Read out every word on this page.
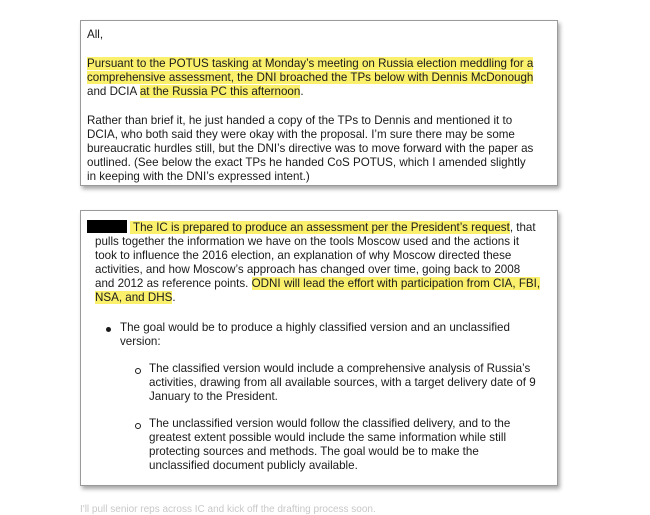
All,
Pursuant to the POTUS tasking at Monday’s meeting on Russia election meddling for a
comprehensive assessment, the DNI broached the TPs below with Dennis McDonough
and DCIA at the Russia PC this afternoon.
Rather than brief it, he just handed a copy of the TPs to Dennis and mentioned it to
DCIA, who both said they were okay with the proposal. I’m sure there may be some
bureaucratic hurdles still, but the DNI’s directive was to move forward with the paper as
outlined. (See below the exact TPs he handed CoS POTUS, which I amended slightly
in keeping with the DNI’s expressed intent.)
The IC is prepared to produce an assessment per the President’s request, that
pulls together the information we have on the tools Moscow used and the actions it
took to influence the 2016 election, an explanation of why Moscow directed these
activities, and how Moscow’s approach has changed over time, going back to 2008
and 2012 as reference points. ODNI will lead the effort with participation from CIA, FBI,
NSA, and DHS.
The goal would be to produce a highly classified version and an unclassified
version:
The classified version would include a comprehensive analysis of Russia’s
activities, drawing from all available sources, with a target delivery date of 9
January to the President.
The unclassified version would follow the classified delivery, and to the
greatest extent possible would include the same information while still
protecting sources and methods. The goal would be to make the
unclassified document publicly available.
I'll pull senior reps across IC and kick off the drafting process soon.
